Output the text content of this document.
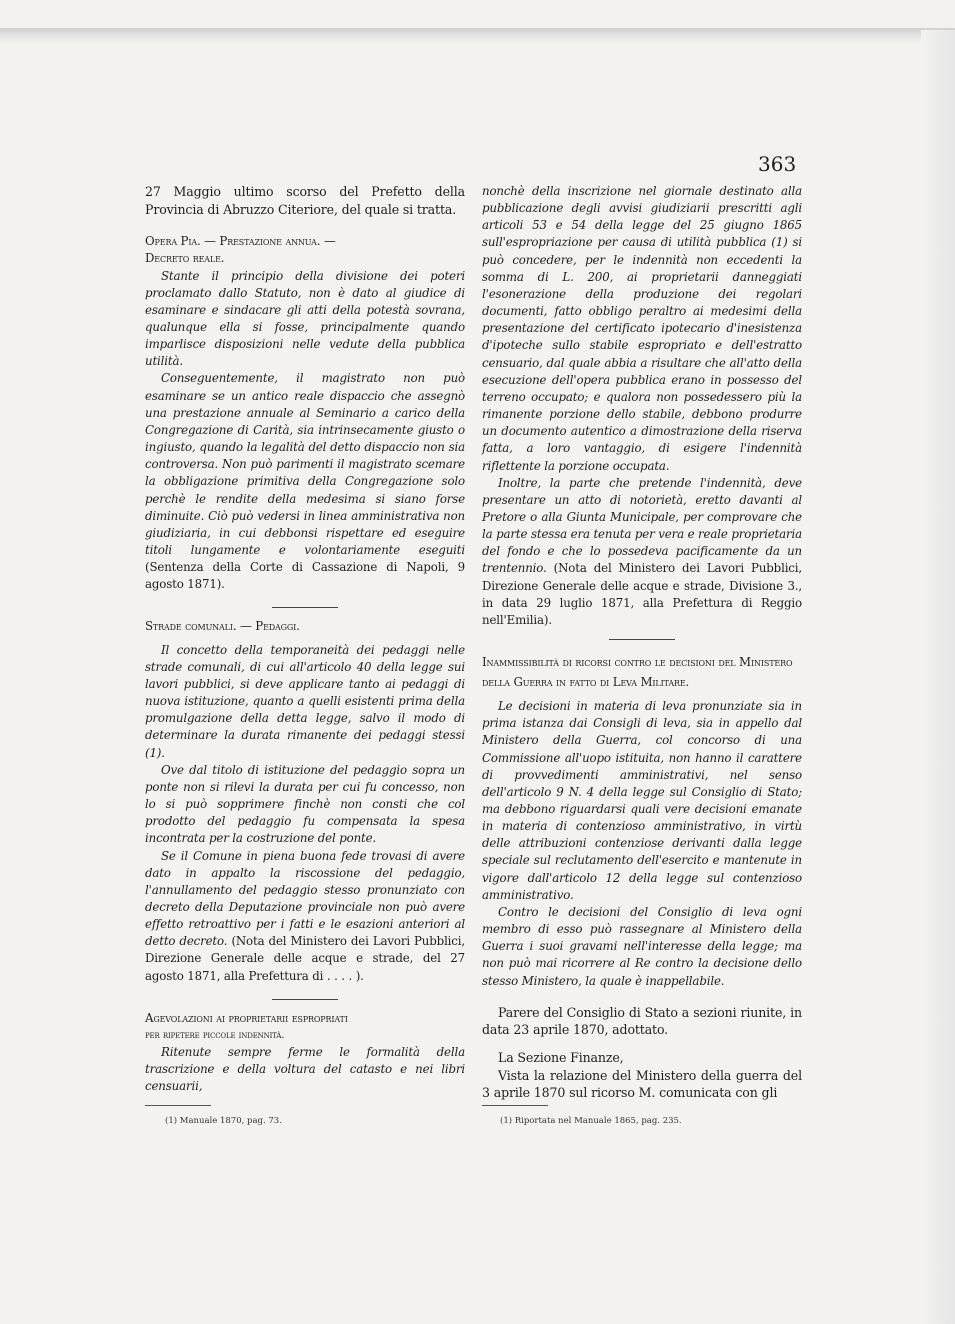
363

27 Maggio ultimo scorso del Prefetto della Provincia di Abruzzo Citeriore, del quale si tratta.

Opera Pia. — Prestazione annua. —

Decreto reale.

Stante il principio della divisione dei poteri proclamato dallo Statuto, non è dato al giudice di esaminare e sindacare gli atti della potestà sovrana, qualunque ella si fosse, principalmente quando imparlisce disposizioni nelle vedute della pubblica utilità.

Conseguentemente, il magistrato non può esaminare se un antico reale dispaccio che assegnò una prestazione annuale al Seminario a carico della Congregazione di Carità, sia intrinsecamente giusto o ingiusto, quando la legalità del detto dispaccio non sia controversa. Non può parimenti il magistrato scemare la obbligazione primitiva della Congregazione solo perchè le rendite della medesima si siano forse diminuite. Ciò può vedersi in linea amministrativa non giudiziaria, in cui debbonsi rispettare ed eseguire titoli lungamente e volontariamente eseguiti (Sentenza della Corte di Cassazione di Napoli, 9 agosto 1871).

Strade comunali. — Pedaggi.

Il concetto della temporaneità dei pedaggi nelle strade comunali, di cui all'articolo 40 della legge sui lavori pubblici, si deve applicare tanto ai pedaggi di nuova istituzione, quanto a quelli esistenti prima della promulgazione della detta legge, salvo il modo di determinare la durata rimanente dei pedaggi stessi (1).

Ove dal titolo di istituzione del pedaggio sopra un ponte non si rilevi la durata per cui fu concesso, non lo si può sopprimere finchè non consti che col prodotto del pedaggio fu compensata la spesa incontrata per la costruzione del ponte.

Se il Comune in piena buona fede trovasi di avere dato in appalto la riscossione del pedaggio, l'annullamento del pedaggio stesso pronunziato con decreto della Deputazione provinciale non può avere effetto retroattivo per i fatti e le esazioni anteriori al detto decreto. (Nota del Ministero dei Lavori Pubblici, Direzione Generale delle acque e strade, del 27 agosto 1871, alla Prefettura di . . . . ).

Agevolazioni ai proprietarii espropriati

per ripetere piccole indennità.

Ritenute sempre ferme le formalità della trascrizione e della voltura del catasto e nei libri censuarii,

(1) Manuale 1870, pag. 73.

nonchè della inscrizione nel giornale destinato alla pubblicazione degli avvisi giudiziarii prescritti agli articoli 53 e 54 della legge del 25 giugno 1865 sull'espropriazione per causa di utilità pubblica (1) si può concedere, per le indennità non eccedenti la somma di L. 200, ai proprietarii danneggiati l'esonerazione della produzione dei regolari documenti, fatto obbligo peraltro ai medesimi della presentazione del certificato ipotecario d'inesistenza d'ipoteche sullo stabile espropriato e dell'estratto censuario, dal quale abbia a risultare che all'atto della esecuzione dell'opera pubblica erano in possesso del terreno occupato; e qualora non possedessero più la rimanente porzione dello stabile, debbono produrre un documento autentico a dimostrazione della riserva fatta, a loro vantaggio, di esigere l'indennità riflettente la porzione occupata.

Inoltre, la parte che pretende l'indennità, deve presentare un atto di notorietà, eretto davanti al Pretore o alla Giunta Municipale, per comprovare che la parte stessa era tenuta per vera e reale proprietaria del fondo e che lo possedeva pacificamente da un trentennio. (Nota del Ministero dei Lavori Pubblici, Direzione Generale delle acque e strade, Divisione 3., in data 29 luglio 1871, alla Prefettura di Reggio nell'Emilia).

Inammissibilità di ricorsi contro le decisioni del Ministero della Guerra in fatto di Leva Militare.

Le decisioni in materia di leva pronunziate sia in prima istanza dai Consigli di leva, sia in appello dal Ministero della Guerra, col concorso di una Commissione all'uopo istituita, non hanno il carattere di provvedimenti amministrativi, nel senso dell'articolo 9 N. 4 della legge sul Consiglio di Stato; ma debbono riguardarsi quali vere decisioni emanate in materia di contenzioso amministrativo, in virtù delle attribuzioni contenziose derivanti dalla legge speciale sul reclutamento dell'esercito e mantenute in vigore dall'articolo 12 della legge sul contenzioso amministrativo.

Contro le decisioni del Consiglio di leva ogni membro di esso può rassegnare al Ministero della Guerra i suoi gravami nell'interesse della legge; ma non può mai ricorrere al Re contro la decisione dello stesso Ministero, la quale è inappellabile.

Parere del Consiglio di Stato a sezioni riunite, in data 23 aprile 1870, adottato.

La Sezione Finanze,

Vista la relazione del Ministero della guerra del 3 aprile 1870 sul ricorso M. comunicata con gli

(1) Riportata nel Manuale 1865, pag. 235.
